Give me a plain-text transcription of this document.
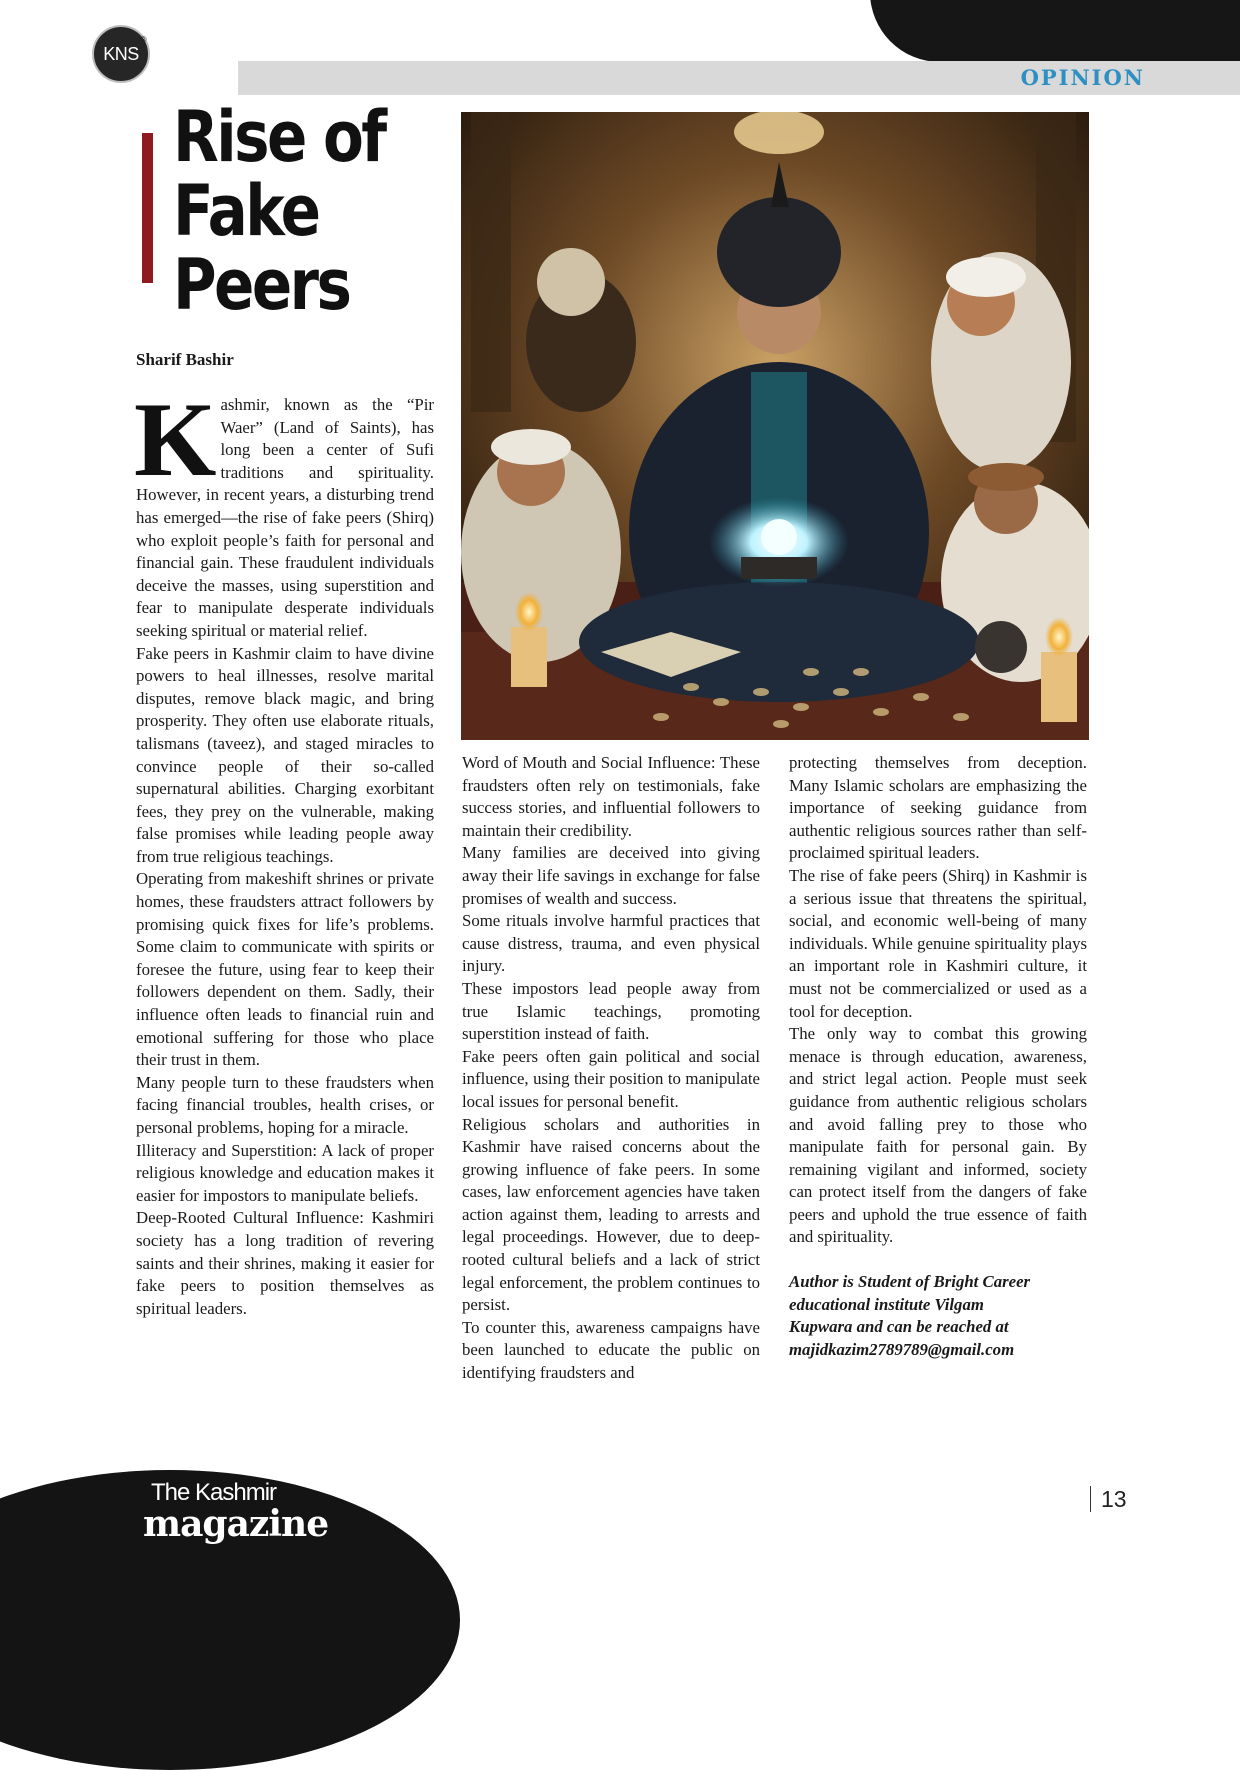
OPINION
KNS
®
Rise of
Fake
Peers
Sharif Bashir

Kashmir, known as the “Pir Waer” (Land of Saints), has long been a center of Sufi traditions and spirituality. However, in recent years, a disturbing trend has emerged—the rise of fake peers (Shirq) who exploit people’s faith for personal and financial gain. These fraudulent individuals deceive the masses, using superstition and fear to manipulate desperate individuals seeking spiritual or material relief.

Fake peers in Kashmir claim to have divine powers to heal illnesses, resolve marital disputes, remove black magic, and bring prosperity. They often use elaborate rituals, talismans (taveez), and staged miracles to convince people of their so-called supernatural abilities. Charging exorbitant fees, they prey on the vulnerable, making false promises while leading people away from true religious teachings.

Operating from makeshift shrines or private homes, these fraudsters attract followers by promising quick fixes for life’s problems. Some claim to communicate with spirits or foresee the future, using fear to keep their followers dependent on them. Sadly, their influence often leads to financial ruin and emotional suffering for those who place their trust in them.

Many people turn to these fraudsters when facing financial troubles, health crises, or personal problems, hoping for a miracle.

Illiteracy and Superstition: A lack of proper religious knowledge and education makes it easier for impostors to manipulate beliefs.

Deep-Rooted Cultural Influence: Kashmiri society has a long tradition of revering saints and their shrines, making it easier for fake peers to position themselves as spiritual leaders.

Word of Mouth and Social Influence: These fraudsters often rely on testimonials, fake success stories, and influential followers to maintain their credibility.

Many families are deceived into giving away their life savings in exchange for false promises of wealth and success.

Some rituals involve harmful practices that cause distress, trauma, and even physical injury.

These impostors lead people away from true Islamic teachings, promoting superstition instead of faith.

Fake peers often gain political and social influence, using their position to manipulate local issues for personal benefit.

Religious scholars and authorities in Kashmir have raised concerns about the growing influence of fake peers. In some cases, law enforcement agencies have taken action against them, leading to arrests and legal proceedings. However, due to deep-rooted cultural beliefs and a lack of strict legal enforcement, the problem continues to persist.

To counter this, awareness campaigns have been launched to educate the public on identifying fraudsters and

protecting themselves from deception. Many Islamic scholars are emphasizing the importance of seeking guidance from authentic religious sources rather than self-proclaimed spiritual leaders.

The rise of fake peers (Shirq) in Kashmir is a serious issue that threatens the spiritual, social, and economic well-being of many individuals. While genuine spirituality plays an important role in Kashmiri culture, it must not be commercialized or used as a tool for deception.

The only way to combat this growing menace is through education, awareness, and strict legal action. People must seek guidance from authentic religious scholars and avoid falling prey to those who manipulate faith for personal gain. By remaining vigilant and informed, society can protect itself from the dangers of fake peers and uphold the true essence of faith and spirituality.

Author is Student of Bright Career
educational institute Vilgam
Kupwara and can be reached at
majidkazim2789789@gmail.com

The Kashmir
magazine
13
